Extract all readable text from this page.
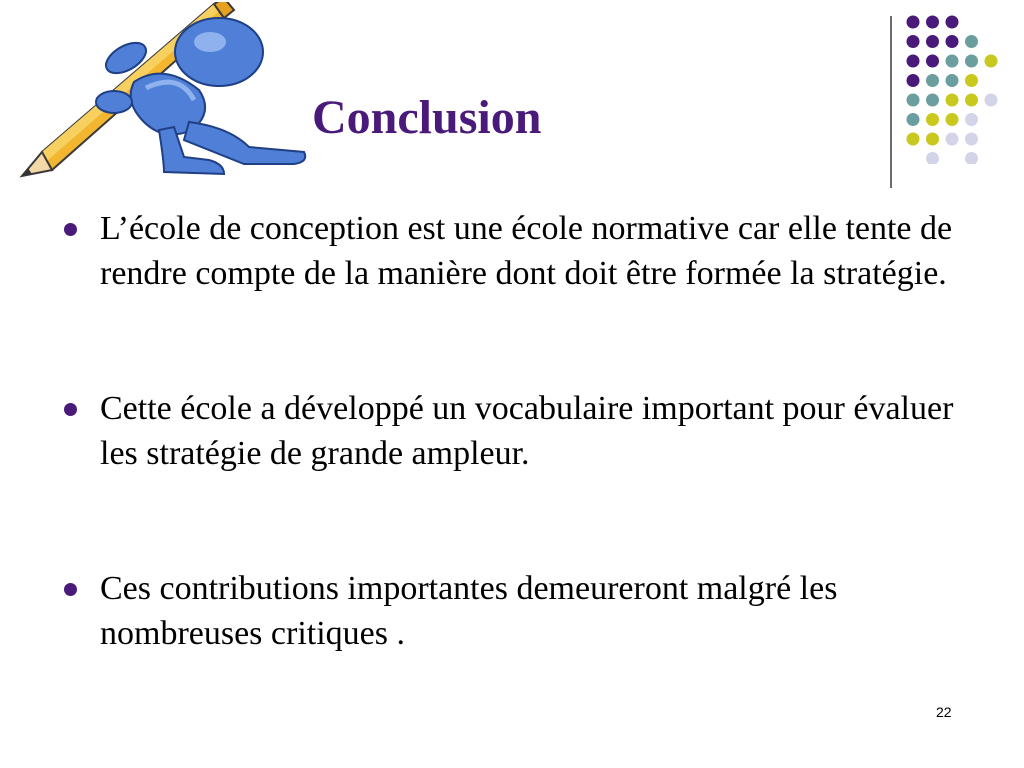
Conclusion
L’école de conception est une école normative car elle tente de rendre compte de la manière dont doit être formée la stratégie.
Cette école a développé un vocabulaire important pour évaluer les stratégie de grande ampleur.
Ces contributions importantes demeureront malgré les nombreuses critiques .
22
